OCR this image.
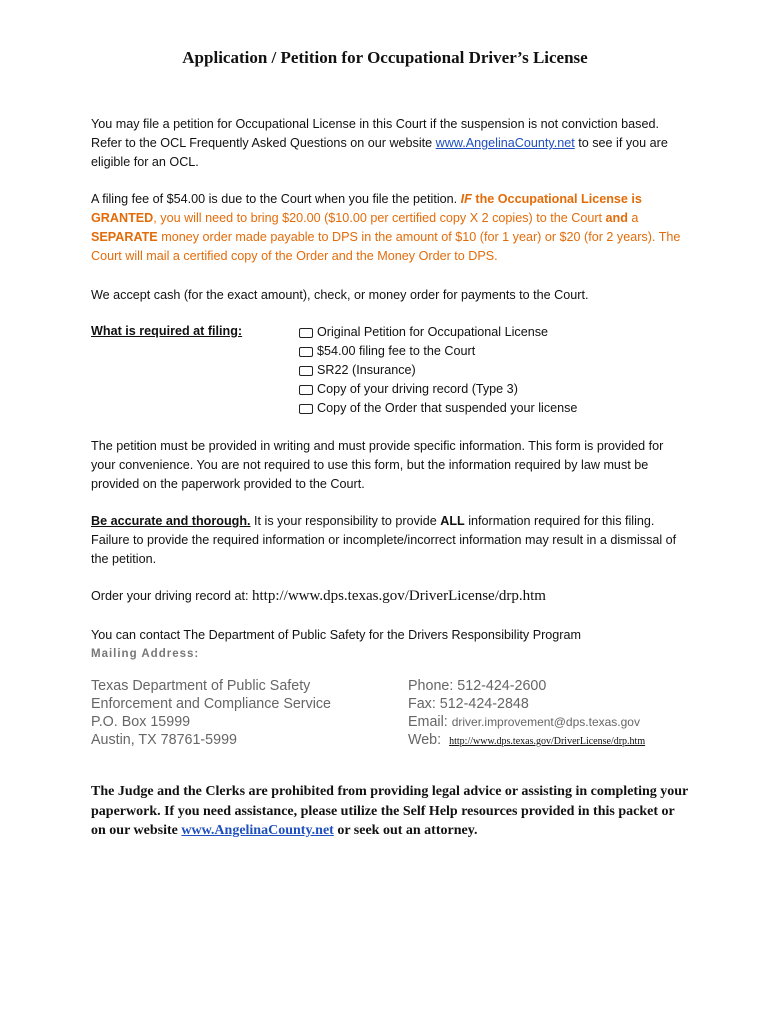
Application / Petition for Occupational Driver’s License
You may file a petition for Occupational License in this Court if the suspension is not conviction based. Refer to the OCL Frequently Asked Questions on our website www.AngelinaCounty.net to see if you are eligible for an OCL.
A filing fee of $54.00 is due to the Court when you file the petition. IF the Occupational License is GRANTED, you will need to bring $20.00 ($10.00 per certified copy X 2 copies) to the Court and a SEPARATE money order made payable to DPS in the amount of $10 (for 1 year) or $20 (for 2 years). The Court will mail a certified copy of the Order and the Money Order to DPS.
We accept cash (for the exact amount), check, or money order for payments to the Court.
What is required at filing:	Original Petition for Occupational License
$54.00 filing fee to the Court
SR22 (Insurance)
Copy of your driving record (Type 3)
Copy of the Order that suspended your license
The petition must be provided in writing and must provide specific information. This form is provided for your convenience. You are not required to use this form, but the information required by law must be provided on the paperwork provided to the Court.
Be accurate and thorough. It is your responsibility to provide ALL information required for this filing. Failure to provide the required information or incomplete/incorrect information may result in a dismissal of the petition.
Order your driving record at: http://www.dps.texas.gov/DriverLicense/drp.htm
You can contact The Department of Public Safety for the Drivers Responsibility Program
Mailing Address:
Texas Department of Public Safety
Enforcement and Compliance Service
P.O. Box 15999
Austin, TX 78761-5999
Phone: 512-424-2600
Fax: 512-424-2848
Email: driver.improvement@dps.texas.gov
Web: http://www.dps.texas.gov/DriverLicense/drp.htm
The Judge and the Clerks are prohibited from providing legal advice or assisting in completing your paperwork. If you need assistance, please utilize the Self Help resources provided in this packet or on our website www.AngelinaCounty.net or seek out an attorney.
